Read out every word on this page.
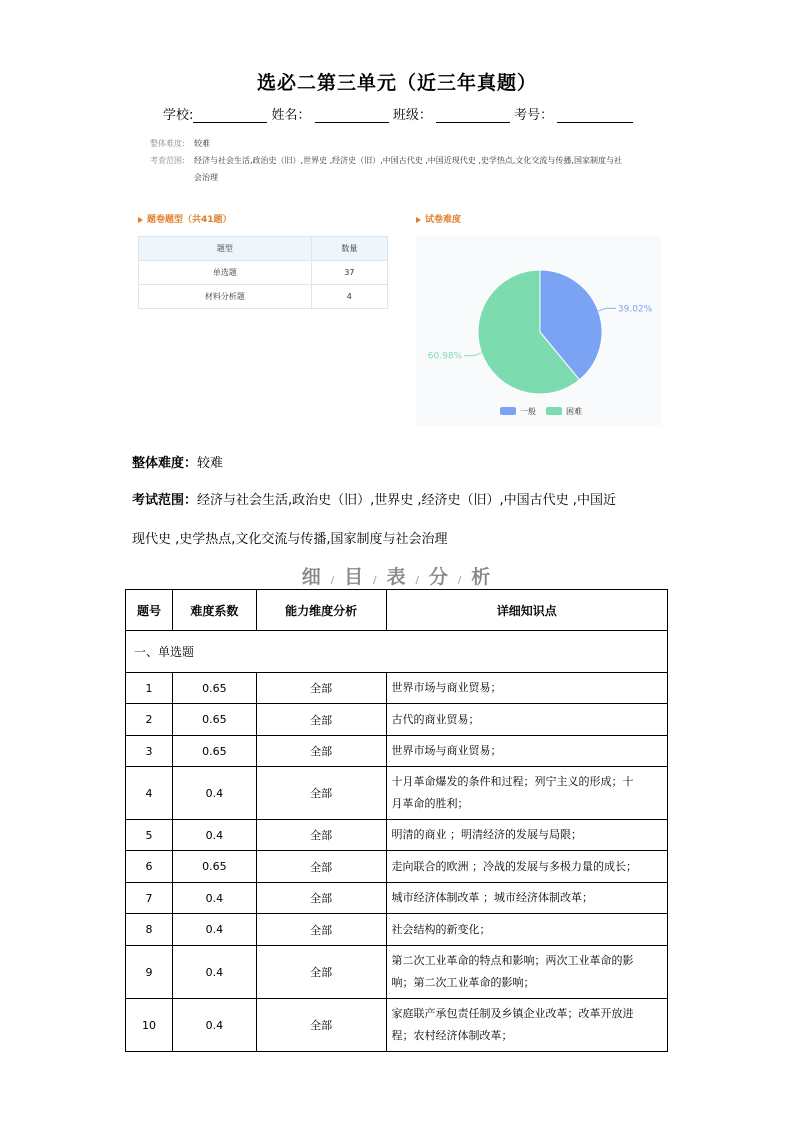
选必二第三单元（近三年真题）
学校:	姓名：	班级：	考号：
整体难度: 较难
考查范围: 经济与社会生活,政治史（旧）,世界史 ,经济史（旧）,中国古代史 ,中国近现代史 ,史学热点,文化交流与传播,国家制度与社
会治理
题卷题型（共41题）	试卷难度
题型	数量
单选题	37
材料分析题	4
39.02%
60.98%
一般	困难
整体难度：较难
考试范围：经济与社会生活,政治史（旧）,世界史 ,经济史（旧）,中国古代史 ,中国近
现代史 ,史学热点,文化交流与传播,国家制度与社会治理
细 / 目 / 表 / 分 / 析
题号	难度系数	能力维度分析	详细知识点
一、单选题			
1	0.65	全部	世界市场与商业贸易；

2	0.65	全部	古代的商业贸易；

3	0.65	全部	世界市场与商业贸易；

4	0.4	全部	十月革命爆发的条件和过程；列宁主义的形成；十
月革命的胜利；

5	0.4	全部	明清的商业 ；明清经济的发展与局限；

6	0.65	全部	走向联合的欧洲 ；冷战的发展与多极力量的成长；

7	0.4	全部	城市经济体制改革 ；城市经济体制改革；

8	0.4	全部	社会结构的新变化；

9	0.4	全部	第二次工业革命的特点和影响；两次工业革命的影
响；第二次工业革命的影响；

10	0.4	全部	家庭联产承包责任制及乡镇企业改革；改革开放进
程；农村经济体制改革；
